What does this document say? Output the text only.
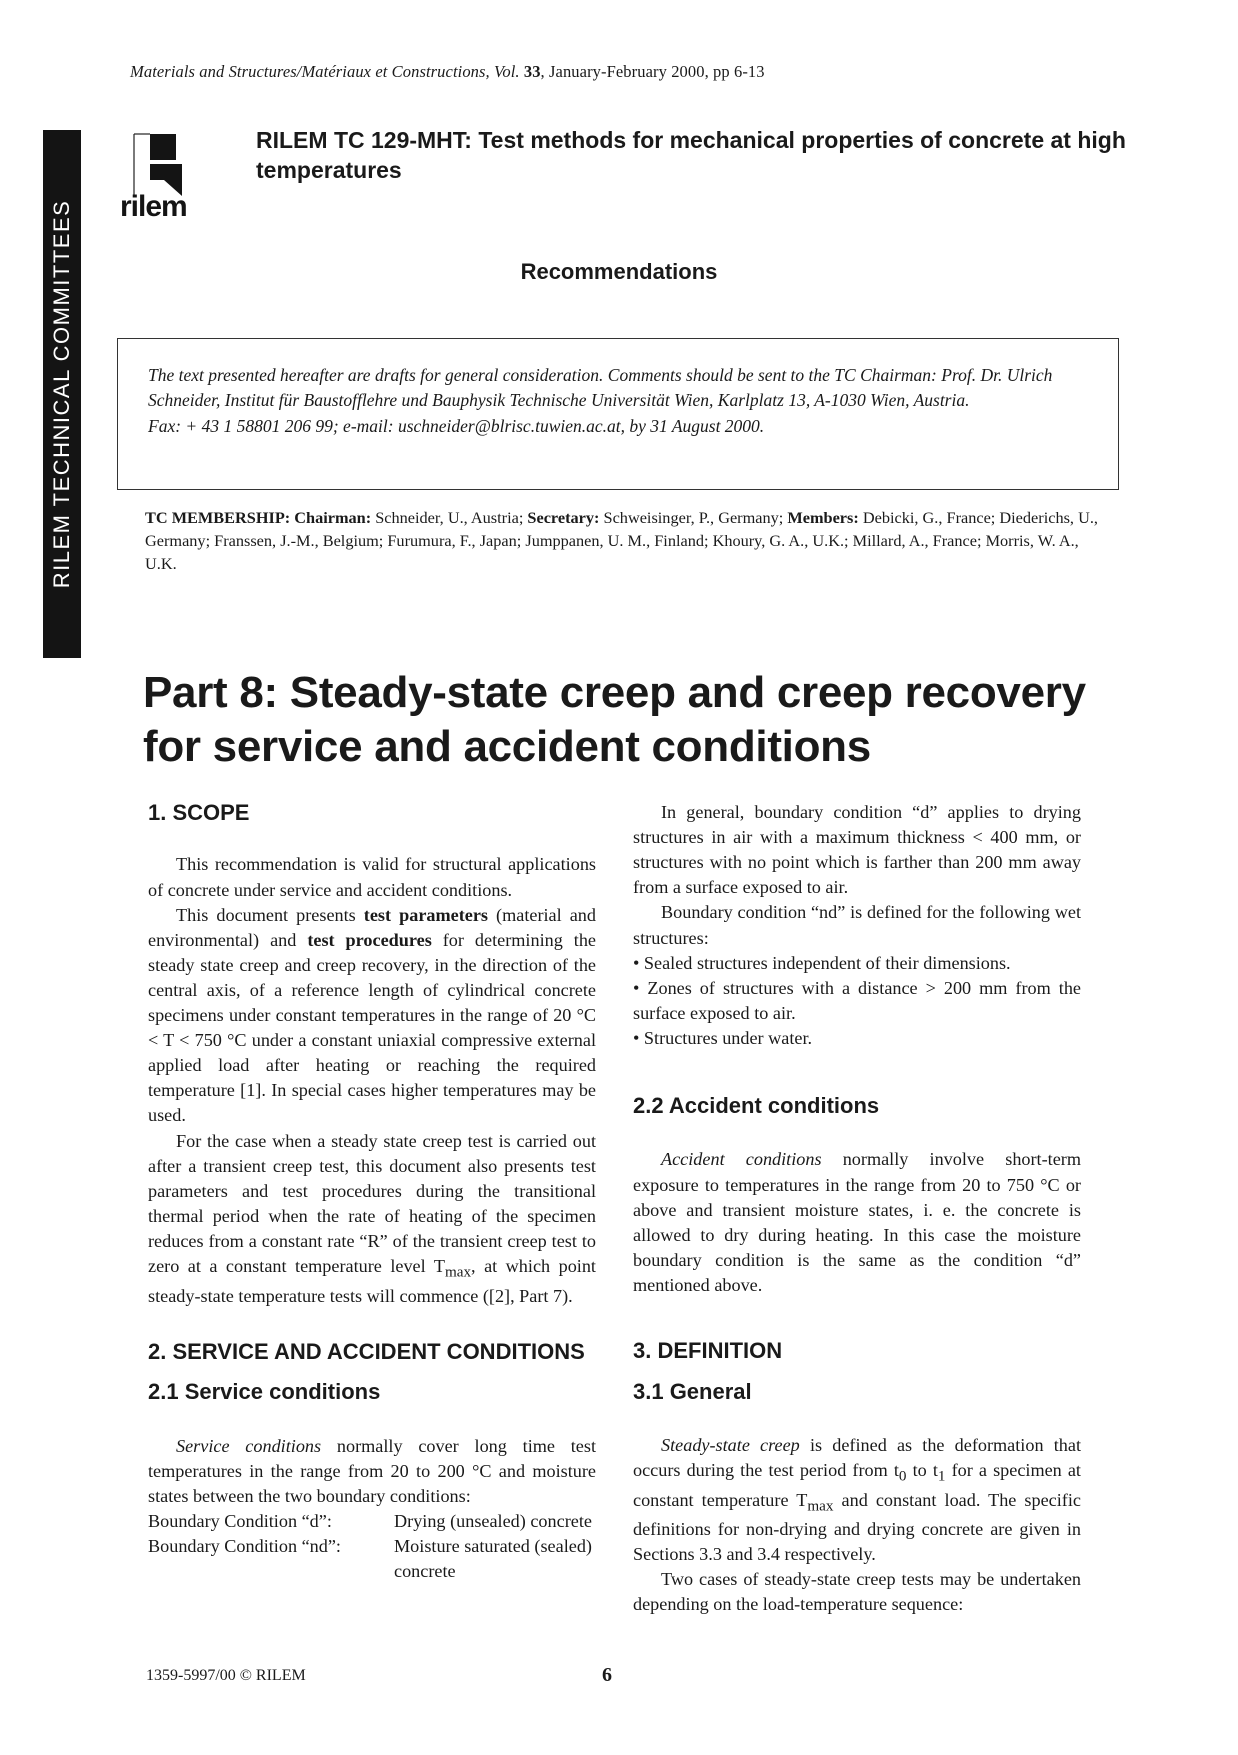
Materials and Structures/Matériaux et Constructions, Vol. 33, January-February 2000, pp 6-13
RILEM TECHNICAL COMMITTEES rilem
RILEM TC 129-MHT: Test methods for mechanical properties of concrete at high temperatures
Recommendations
The text presented hereafter are drafts for general consideration. Comments should be sent to the TC Chairman: Prof. Dr. Ulrich
Schneider, Institut für Baustofflehre und Bauphysik Technische Universität Wien, Karlplatz 13, A-1030 Wien, Austria.
Fax: + 43 1 58801 206 99; e-mail: uschneider@blrisc.tuwien.ac.at, by 31 August 2000.
TC MEMBERSHIP: Chairman: Schneider, U., Austria; Secretary: Schweisinger, P., Germany; Members: Debicki, G., France; Diederichs, U., Germany; Franssen, J.-M., Belgium; Furumura, F., Japan; Jumppanen, U. M., Finland; Khoury, G. A., U.K.; Millard, A., France; Morris, W. A., U.K.
Part 8: Steady-state creep and creep recovery for service and accident conditions
1. SCOPE

This recommendation is valid for structural applications of concrete under service and accident conditions.

This document presents test parameters (material and environmental) and test procedures for determining the steady state creep and creep recovery, in the direction of the central axis, of a reference length of cylindrical concrete specimens under constant temperatures in the range of 20 °C < T < 750 °C under a constant uniaxial compressive external applied load after heating or reaching the required temperature [1]. In special cases higher temperatures may be used.

For the case when a steady state creep test is carried out after a transient creep test, this document also presents test parameters and test procedures during the transitional thermal period when the rate of heating of the specimen reduces from a constant rate “R” of the transient creep test to zero at a constant temperature level $T_{max}$, at which point steady-state temperature tests will commence ([2], Part 7).

2. SERVICE AND ACCIDENT CONDITIONS
2.1 Service conditions

Service conditions normally cover long time test temperatures in the range from 20 to 200 °C and moisture states between the two boundary conditions:

Boundary Condition “d”:	Drying (unsealed) concrete
Boundary Condition “nd”:	Moisture saturated (sealed) concrete

In general, boundary condition “d” applies to drying structures in air with a maximum thickness < 400 mm, or structures with no point which is farther than 200 mm away from a surface exposed to air.

Boundary condition “nd” is defined for the following wet structures:

• Sealed structures independent of their dimensions.
• Zones of structures with a distance > 200 mm from the surface exposed to air.
• Structures under water.
2.2 Accident conditions

Accident conditions normally involve short-term exposure to temperatures in the range from 20 to 750 °C or above and transient moisture states, i. e. the concrete is allowed to dry during heating. In this case the moisture boundary condition is the same as the condition “d” mentioned above.

3. DEFINITION
3.1 General

Steady-state creep is defined as the deformation that occurs during the test period from $t_0$ to $t_1$ for a specimen at constant temperature $T_{max}$ and constant load. The specific definitions for non-drying and drying concrete are given in Sections 3.3 and 3.4 respectively.

Two cases of steady-state creep tests may be undertaken depending on the load-temperature sequence:

1359-5997/00 © RILEM	6
